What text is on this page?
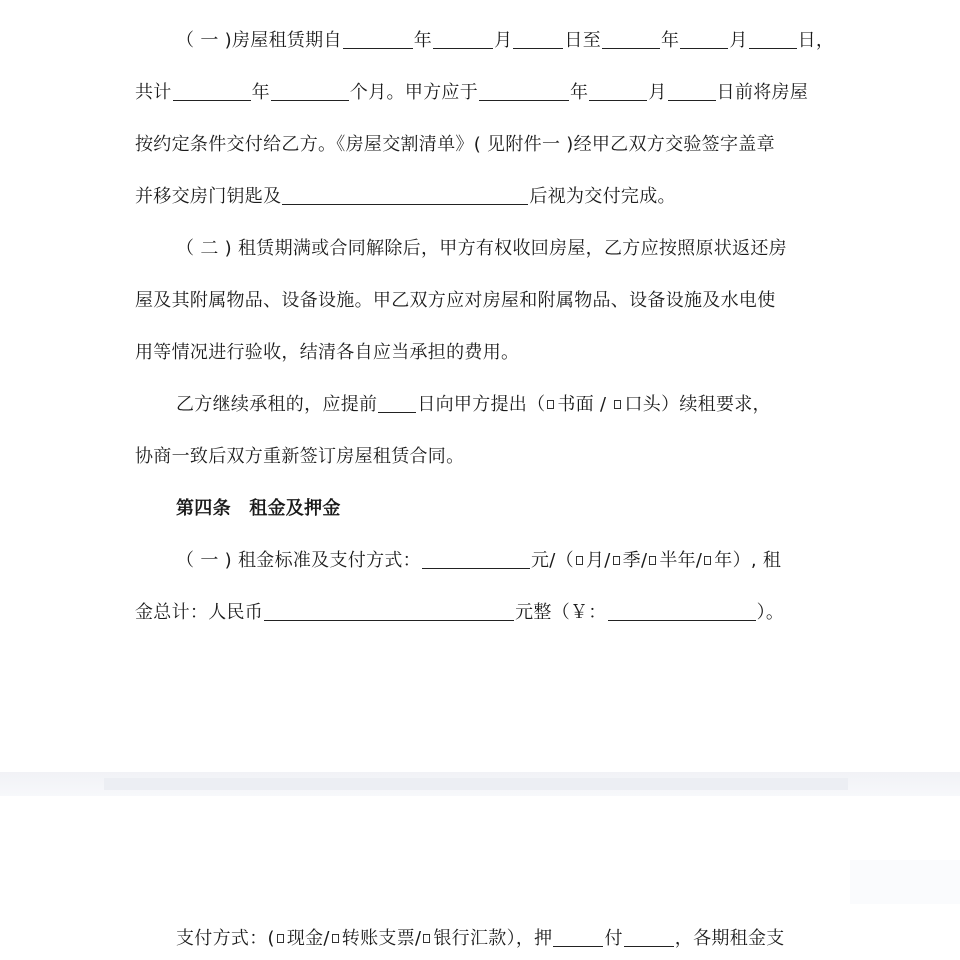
（ 一 )房屋租赁期自	年	月	日至	年	月	日，
共计	年	个月。甲方应于	年	月	日前将房屋
按约定条件交付给乙方。《房屋交割清单》( 见附件一 )经甲乙双方交验签字盖章
并移交房门钥匙及	后视为交付完成。
（ 二 ) 租赁期满或合同解除后，甲方有权收回房屋，乙方应按照原状返还房
屋及其附属物品、设备设施。甲乙双方应对房屋和附属物品、设备设施及水电使
用等情况进行验收，结清各自应当承担的费用。
乙方继续承租的，应提前 日向甲方提出（ 书面 / 口头）续租要求，
协商一致后双方重新签订房屋租赁合同。
第四条　租金及押金
（ 一 ) 租金标准及支付方式：	元/（ 月/ 季/ 半年/ 年）, 租
金总计：人民币	元整（￥：	）。
支付方式：( 现金/ 转账支票/ 银行汇款），押	付	，各期租金支
